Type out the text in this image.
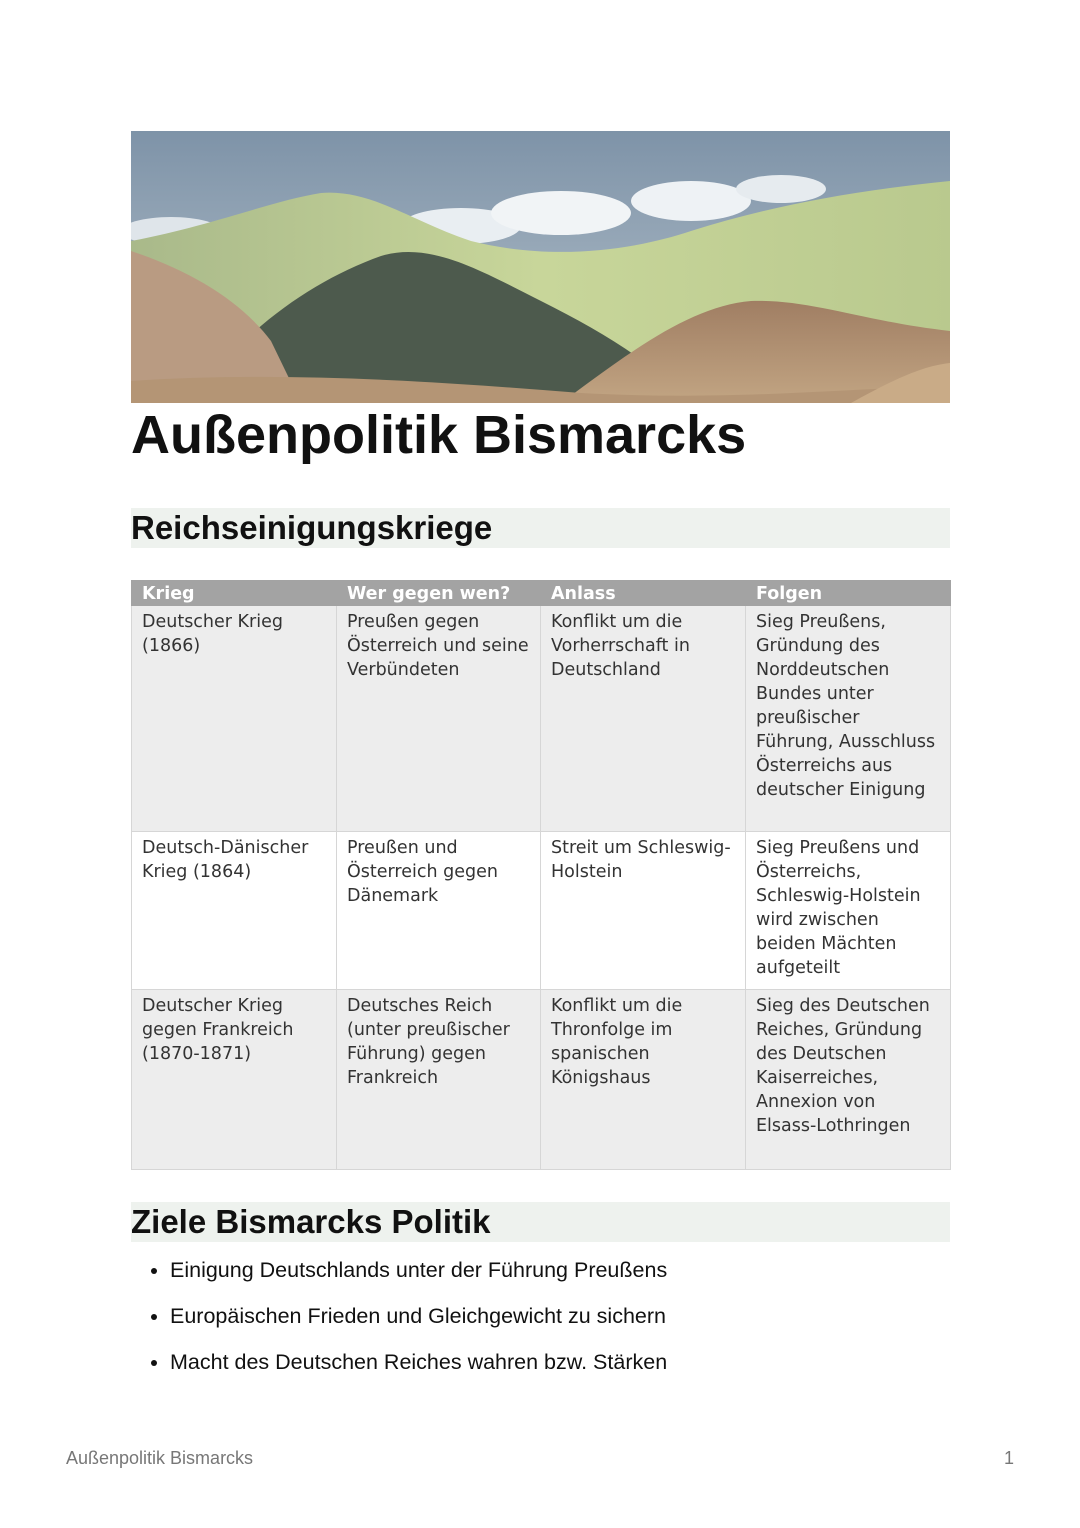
Außenpolitik Bismarcks
Reichseinigungskriege
Krieg	Wer gegen wen?	Anlass	Folgen
Deutscher Krieg (1866)	Preußen gegen Österreich und seine Verbündeten	Konflikt um die Vorherrschaft in Deutschland	Sieg Preußens, Gründung des Norddeutschen Bundes unter preußischer Führung, Ausschluss Österreichs aus deutscher Einigung
Deutsch-Dänischer Krieg (1864)	Preußen und Österreich gegen Dänemark	Streit um Schleswig-Holstein	Sieg Preußens und Österreichs, Schleswig-Holstein wird zwischen beiden Mächten aufgeteilt
Deutscher Krieg gegen Frankreich (1870-1871)	Deutsches Reich (unter preußischer Führung) gegen Frankreich	Konflikt um die Thronfolge im spanischen Königshaus	Sieg des Deutschen Reiches, Gründung des Deutschen Kaiserreiches, Annexion von Elsass-Lothringen
Ziele Bismarcks Politik
• Einigung Deutschlands unter der Führung Preußens
• Europäischen Frieden und Gleichgewicht zu sichern
• Macht des Deutschen Reiches wahren bzw. Stärken
Außenpolitik Bismarcks	1
